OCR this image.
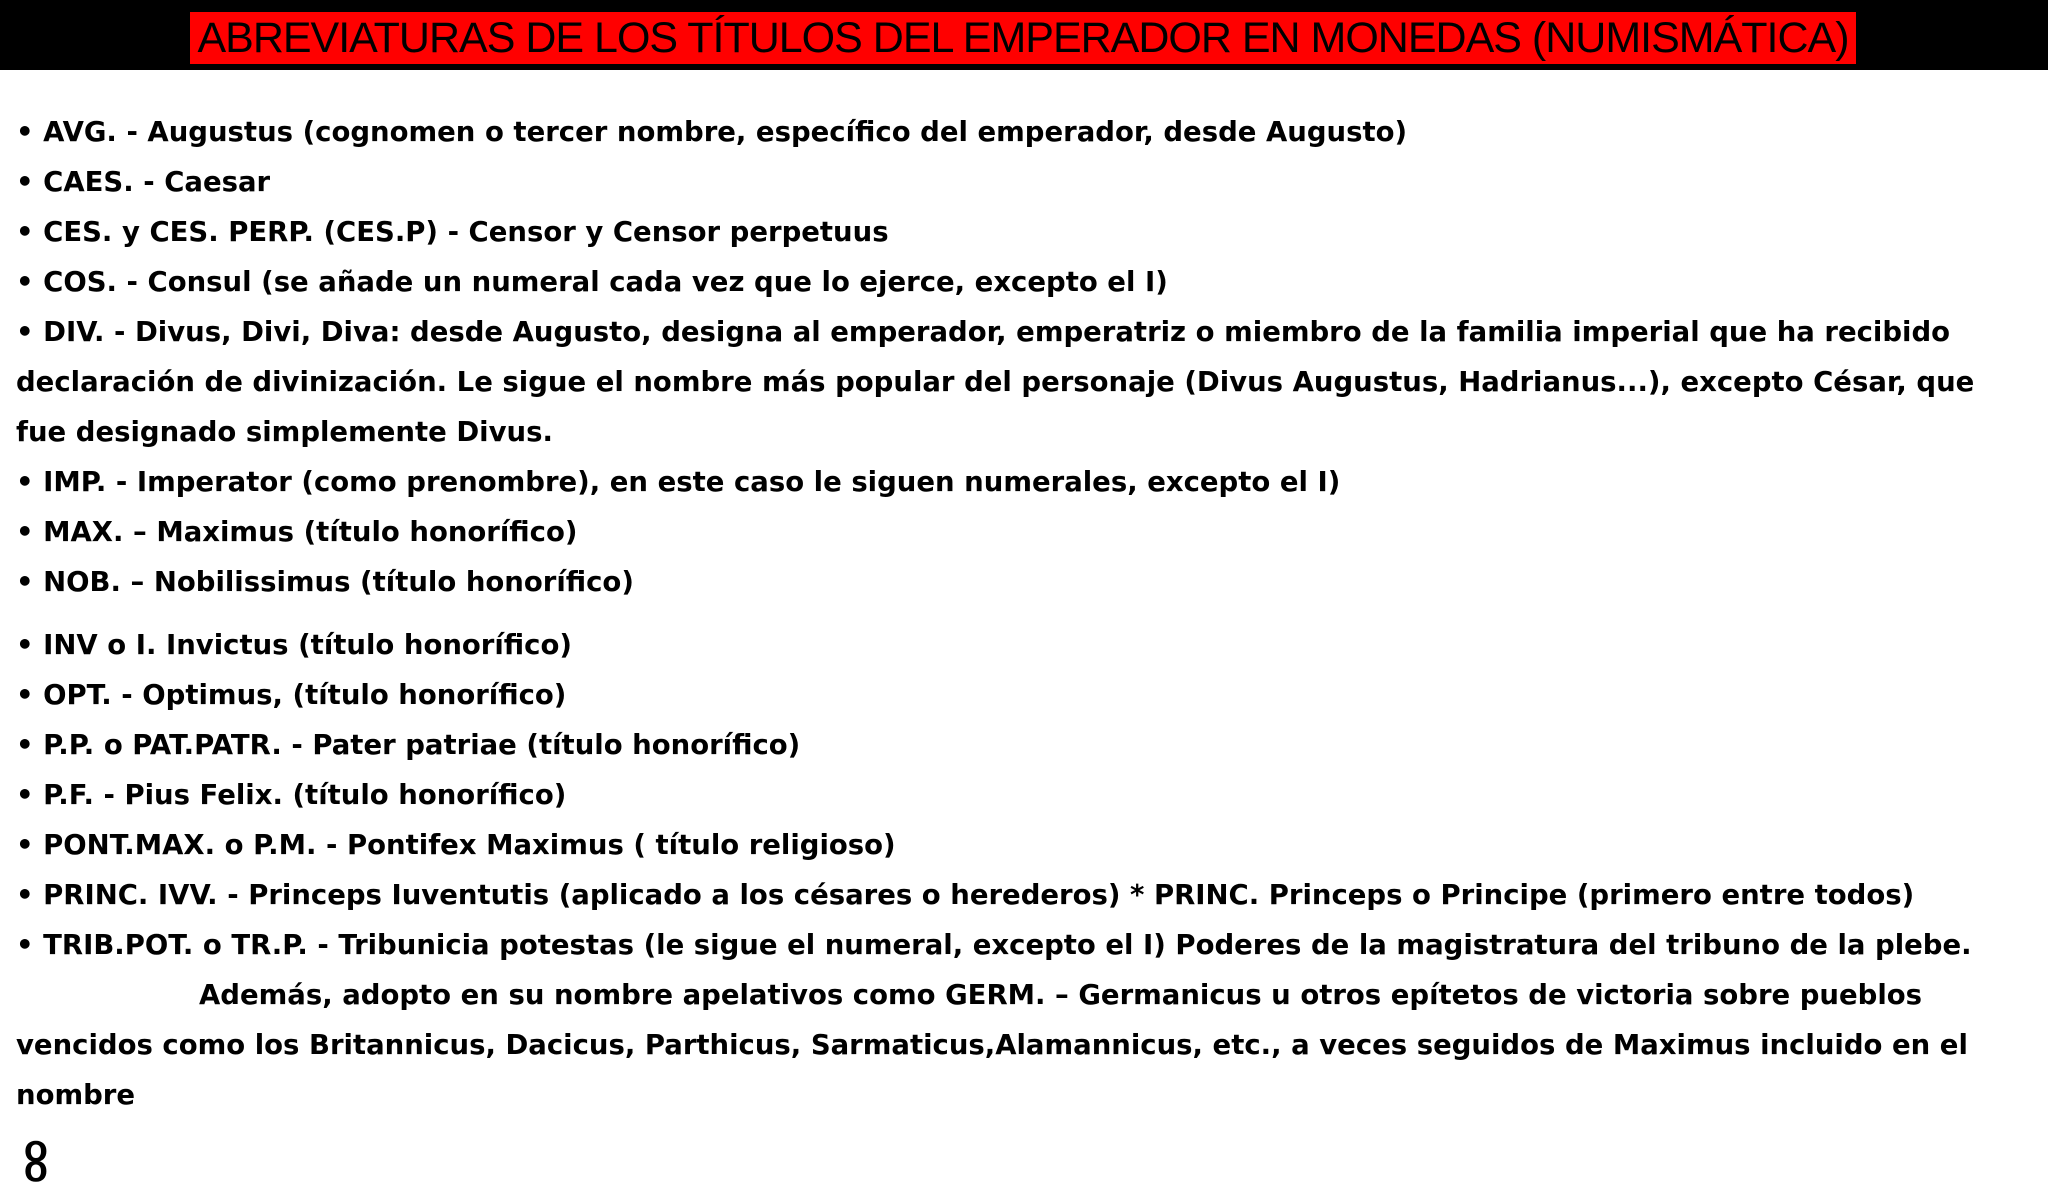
ABREVIATURAS DE LOS TÍTULOS DEL EMPERADOR EN MONEDAS (NUMISMÁTICA)

• AVG. - Augustus (cognomen o tercer nombre, específico del emperador, desde Augusto)

• CAES. - Caesar

• CES. y CES. PERP. (CES.P) - Censor y Censor perpetuus

• COS. - Consul (se añade un numeral cada vez que lo ejerce, excepto el I)

• DIV. - Divus, Divi, Diva: desde Augusto, designa al emperador, emperatriz o miembro de la familia imperial que ha recibido declaración de divinización. Le sigue el nombre más popular del personaje (Divus Augustus, Hadrianus...), excepto César, que fue designado simplemente Divus.

• IMP. - Imperator (como prenombre), en este caso le siguen numerales, excepto el I)

• MAX. – Maximus (título honorífico)

• NOB. – Nobilissimus (título honorífico)

• INV o I. Invictus (título honorífico)

• OPT. - Optimus, (título honorífico)

• P.P. o PAT.PATR. - Pater patriae (título honorífico)

• P.F. - Pius Felix. (título honorífico)

• PONT.MAX. o P.M. - Pontifex Maximus ( título religioso)

• PRINC. IVV. - Princeps Iuventutis (aplicado a los césares o herederos) * PRINC. Princeps o Principe (primero entre todos)

• TRIB.POT. o TR.P. - Tribunicia potestas (le sigue el numeral, excepto el I) Poderes de la magistratura del tribuno de la plebe.

Además, adopto en su nombre apelativos como GERM. – Germanicus u otros epítetos de victoria sobre pueblos vencidos como los Britannicus, Dacicus, Parthicus, Sarmaticus,Alamannicus, etc., a veces seguidos de Maximus incluido en el nombre

O O
